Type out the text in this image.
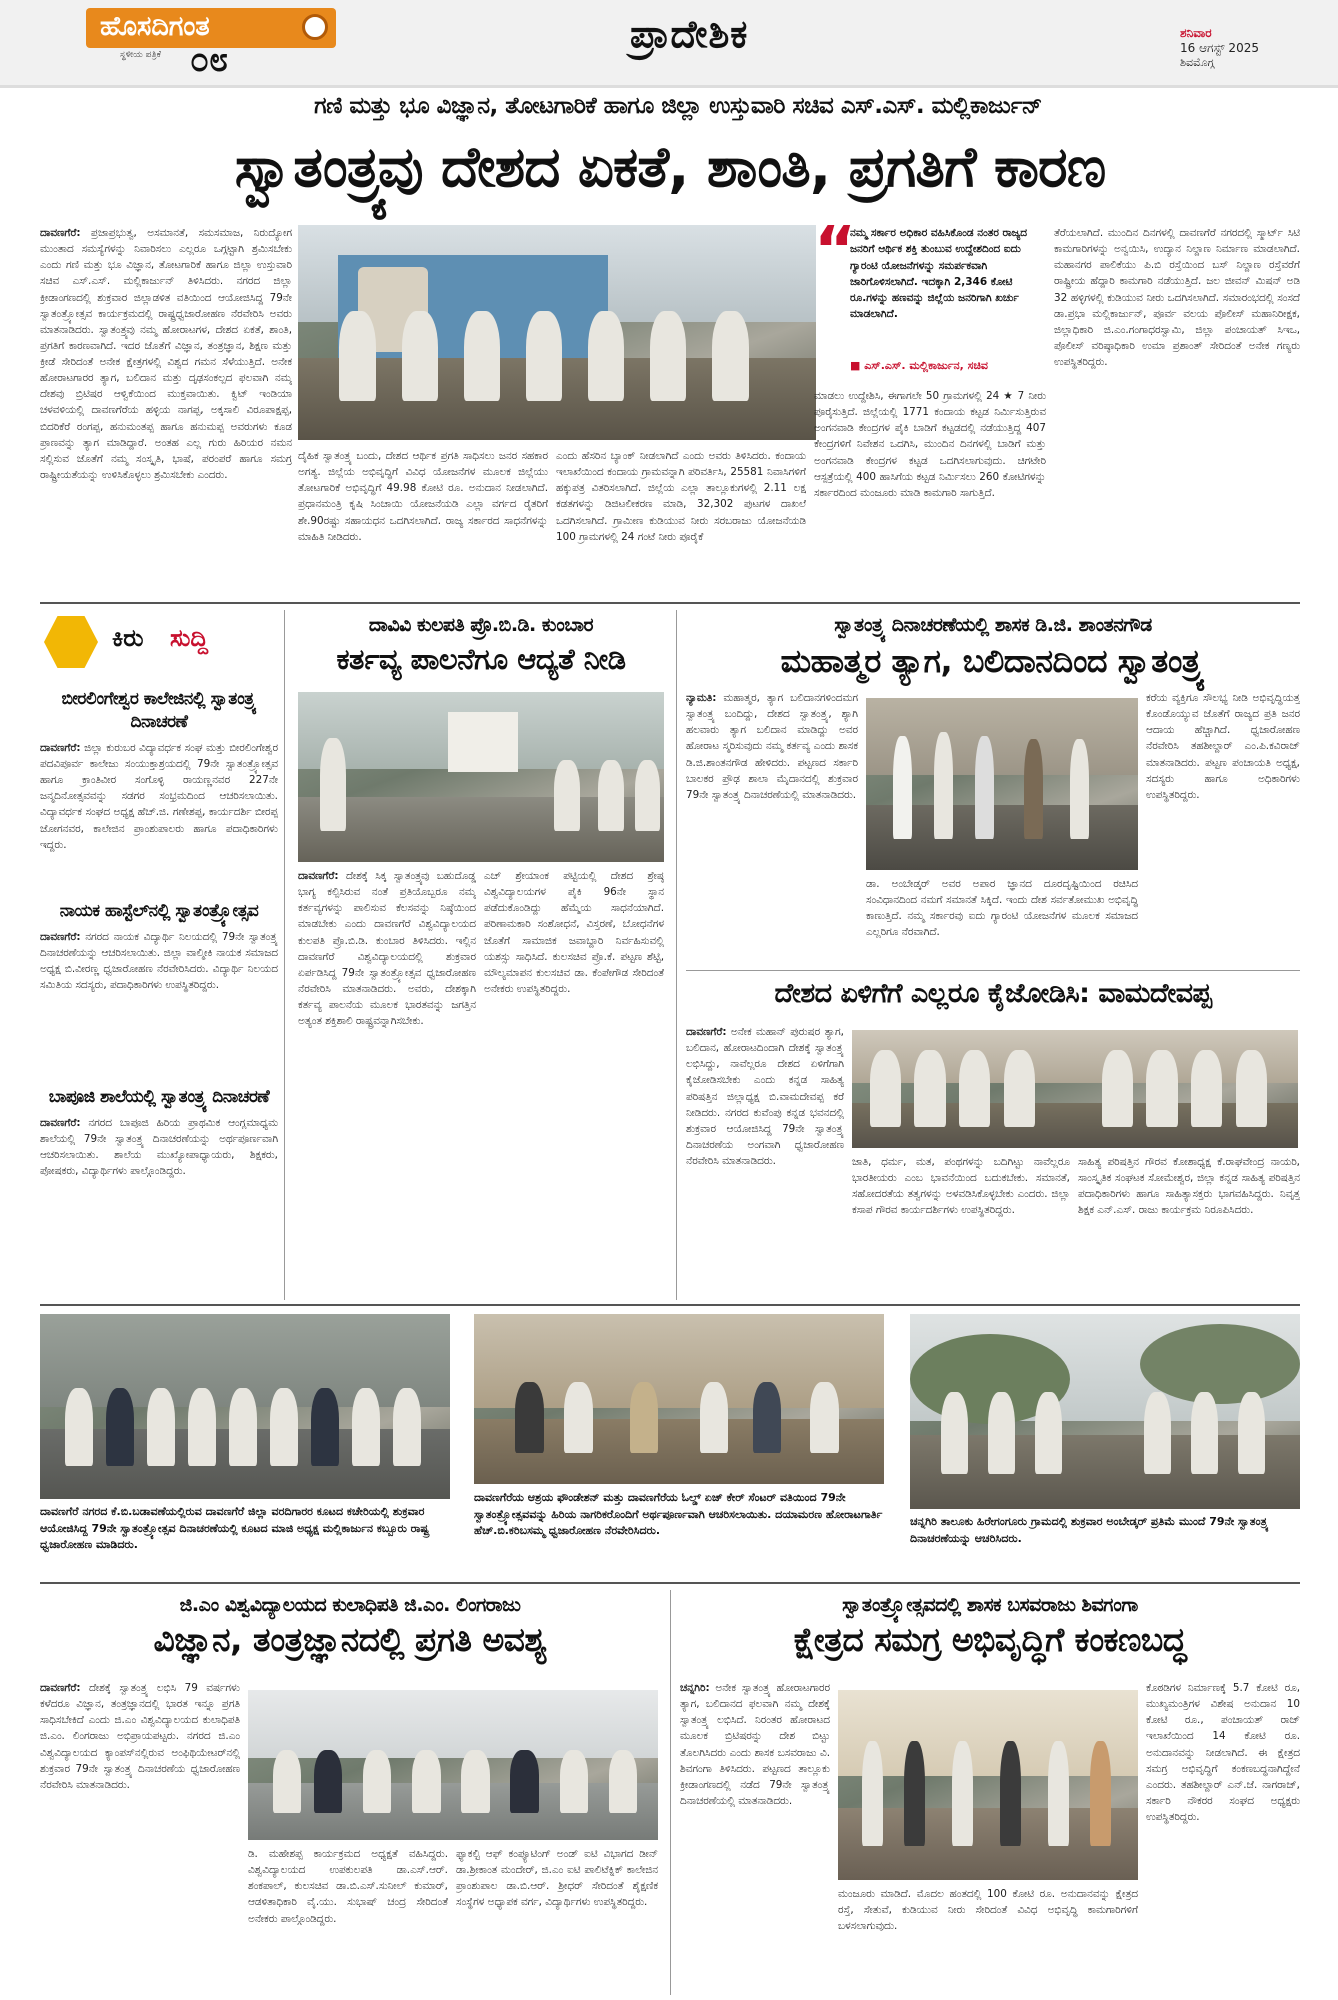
ಹೊಸದಿಗಂತ
ಸ್ಥಳೀಯ ಪತ್ರಿಕೆ ೦೮
ಪ್ರಾದೇಶಿಕ	ಶನಿವಾರ
16 ಆಗಸ್ಟ್ 2025
ಶಿವಮೊಗ್ಗ
ಗಣಿ ಮತ್ತು ಭೂ ವಿಜ್ಞಾನ, ತೋಟಗಾರಿಕೆ ಹಾಗೂ ಜಿಲ್ಲಾ ಉಸ್ತುವಾರಿ ಸಚಿವ ಎಸ್.ಎಸ್. ಮಲ್ಲಿಕಾರ್ಜುನ್
ಸ್ವಾತಂತ್ರ್ಯವು ದೇಶದ ಏಕತೆ, ಶಾಂತಿ, ಪ್ರಗತಿಗೆ ಕಾರಣ
ದಾವಣಗೆರೆ: ಪ್ರಜಾಪ್ರಭುತ್ವ, ಅಸಮಾನತೆ, ಸಮಸಮಾಜ, ನಿರುದ್ಯೋಗ ಮುಂತಾದ ಸಮಸ್ಯೆಗಳನ್ನು ನಿವಾರಿಸಲು ಎಲ್ಲರೂ ಒಗ್ಗಟ್ಟಾಗಿ ಶ್ರಮಿಸಬೇಕು ಎಂದು ಗಣಿ ಮತ್ತು ಭೂ ವಿಜ್ಞಾನ, ತೋಟಗಾರಿಕೆ ಹಾಗೂ ಜಿಲ್ಲಾ ಉಸ್ತುವಾರಿ ಸಚಿವ ಎಸ್.ಎಸ್. ಮಲ್ಲಿಕಾರ್ಜುನ್ ತಿಳಿಸಿದರು. ನಗರದ ಜಿಲ್ಲಾ ಕ್ರೀಡಾಂಗಣದಲ್ಲಿ ಶುಕ್ರವಾರ ಜಿಲ್ಲಾಡಳಿತ ವತಿಯಿಂದ ಆಯೋಜಿಸಿದ್ದ 79ನೇ ಸ್ವಾತಂತ್ರ್ಯೋತ್ಸವ ಕಾರ್ಯಕ್ರಮದಲ್ಲಿ ರಾಷ್ಟ್ರಧ್ವಜಾರೋಹಣ ನೆರವೇರಿಸಿ ಅವರು ಮಾತನಾಡಿದರು. ಸ್ವಾತಂತ್ರ್ಯವು ನಮ್ಮ ಹೋರಾಟಗಳ, ದೇಶದ ಏಕತೆ, ಶಾಂತಿ, ಪ್ರಗತಿಗೆ ಕಾರಣವಾಗಿದೆ. ಇದರ ಜೊತೆಗೆ ವಿಜ್ಞಾನ, ತಂತ್ರಜ್ಞಾನ, ಶಿಕ್ಷಣ ಮತ್ತು ಕ್ರೀಡೆ ಸೇರಿದಂತೆ ಅನೇಕ ಕ್ಷೇತ್ರಗಳಲ್ಲಿ ವಿಶ್ವದ ಗಮನ ಸೆಳೆಯುತ್ತಿದೆ. ಅನೇಕ ಹೋರಾಟಗಾರರ ತ್ಯಾಗ, ಬಲಿದಾನ ಮತ್ತು ದೃಢಸಂಕಲ್ಪದ ಫಲವಾಗಿ ನಮ್ಮ ದೇಶವು ಬ್ರಿಟಿಷರ ಆಳ್ವಿಕೆಯಿಂದ ಮುಕ್ತವಾಯಿತು. ಕ್ವಿಟ್ ಇಂಡಿಯಾ ಚಳವಳಿಯಲ್ಲಿ ದಾವಣಗೆರೆಯ ಹಳ್ಳಿಯ ನಾಗಪ್ಪ, ಅಕ್ಕಸಾಲಿ ವಿರೂಪಾಕ್ಷಪ್ಪ, ಬಿದರಿಕೆರೆ ರಂಗಪ್ಪ, ಹನುಮಂತಪ್ಪ ಹಾಗೂ ಹನುಮಪ್ಪ ಅವರುಗಳು ಕೂಡ ಪ್ರಾಣವನ್ನು ತ್ಯಾಗ ಮಾಡಿದ್ದಾರೆ. ಅಂತಹ ಎಲ್ಲ ಗುರು ಹಿರಿಯರ ನಮನ ಸಲ್ಲಿಸುವ ಜೊತೆಗೆ ನಮ್ಮ ಸಂಸ್ಕೃತಿ, ಭಾಷೆ, ಪರಂಪರೆ ಹಾಗೂ ಸಮಗ್ರ ರಾಷ್ಟ್ರೀಯತೆಯನ್ನು ಉಳಿಸಿಕೊಳ್ಳಲು ಶ್ರಮಿಸಬೇಕು ಎಂದರು.
ದೈಹಿಕ ಸ್ವಾತಂತ್ರ್ಯ ಬಂದು, ದೇಶದ ಆರ್ಥಿಕ ಪ್ರಗತಿ ಸಾಧಿಸಲು ಜನರ ಸಹಕಾರ ಅಗತ್ಯ. ಜಿಲ್ಲೆಯ ಅಭಿವೃದ್ಧಿಗೆ ವಿವಿಧ ಯೋಜನೆಗಳ ಮೂಲಕ ಜಿಲ್ಲೆಯು ತೋಟಗಾರಿಕೆ ಅಭಿವೃದ್ಧಿಗೆ 49.98 ಕೋಟಿ ರೂ. ಅನುದಾನ ನೀಡಲಾಗಿದೆ. ಪ್ರಧಾನಮಂತ್ರಿ ಕೃಷಿ ಸಿಂಚಾಯಿ ಯೋಜನೆಯಡಿ ಎಲ್ಲಾ ವರ್ಗದ ರೈತರಿಗೆ ಶೇ.90ರಷ್ಟು ಸಹಾಯಧನ ಒದಗಿಸಲಾಗಿದೆ. ರಾಜ್ಯ ಸರ್ಕಾರದ ಸಾಧನೆಗಳನ್ನು ಮಾಹಿತಿ ನೀಡಿದರು.
ಎಂದು ಹೆಸರಿನ ಬ್ಯಾಂಕ್ ನೀಡಲಾಗಿದೆ ಎಂದು ಅವರು ತಿಳಿಸಿದರು. ಕಂದಾಯ ಇಲಾಖೆಯಿಂದ ಕಂದಾಯ ಗ್ರಾಮವನ್ನಾಗಿ ಪರಿವರ್ತಿಸಿ, 25581 ನಿವಾಸಿಗಳಿಗೆ ಹಕ್ಕುಪತ್ರ ವಿತರಿಸಲಾಗಿದೆ. ಜಿಲ್ಲೆಯ ಎಲ್ಲಾ ತಾಲ್ಲೂಕುಗಳಲ್ಲಿ 2.11 ಲಕ್ಷ ಕಡತಗಳನ್ನು ಡಿಜಿಟಲೀಕರಣ ಮಾಡಿ, 32,302 ಪುಟಗಳ ದಾಖಲೆ ಒದಗಿಸಲಾಗಿದೆ. ಗ್ರಾಮೀಣ ಕುಡಿಯುವ ನೀರು ಸರಬರಾಜು ಯೋಜನೆಯಡಿ 100 ಗ್ರಾಮಗಳಲ್ಲಿ 24 ಗಂಟೆ ನೀರು ಪೂರೈಕೆ
“
ನಮ್ಮ ಸರ್ಕಾರ ಅಧಿಕಾರ ವಹಿಸಿಕೊಂಡ ನಂತರ ರಾಜ್ಯದ ಜನರಿಗೆ ಆರ್ಥಿಕ ಶಕ್ತಿ ತುಂಬುವ ಉದ್ದೇಶದಿಂದ ಐದು ಗ್ಯಾರಂಟಿ ಯೋಜನೆಗಳನ್ನು ಸಮರ್ಪಕವಾಗಿ ಜಾರಿಗೊಳಿಸಲಾಗಿದೆ. ಇದಕ್ಕಾಗಿ 2,346 ಕೋಟಿ ರೂ.ಗಳನ್ನು ಹಣವನ್ನು ಜಿಲ್ಲೆಯ ಜನರಿಗಾಗಿ ಖರ್ಚು ಮಾಡಲಾಗಿದೆ.
■ ಎಸ್.ಎಸ್. ಮಲ್ಲಿಕಾರ್ಜುನ, ಸಚಿವ
ಮಾಡಲು ಉದ್ದೇಶಿಸಿ, ಈಗಾಗಲೇ 50 ಗ್ರಾಮಗಳಲ್ಲಿ 24 ★ 7 ನೀರು ಪೂರೈಸುತ್ತಿದೆ. ಜಿಲ್ಲೆಯಲ್ಲಿ 1771 ಕಂದಾಯ ಕಟ್ಟಡ ನಿರ್ಮಿಸುತ್ತಿರುವ ಅಂಗನವಾಡಿ ಕೇಂದ್ರಗಳ ಪೈಕಿ ಬಾಡಿಗೆ ಕಟ್ಟಡದಲ್ಲಿ ನಡೆಯುತ್ತಿದ್ದ 407 ಕೇಂದ್ರಗಳಿಗೆ ನಿವೇಶನ ಒದಗಿಸಿ, ಮುಂದಿನ ದಿನಗಳಲ್ಲಿ ಬಾಡಿಗೆ ಮತ್ತು ಅಂಗನವಾಡಿ ಕೇಂದ್ರಗಳ ಕಟ್ಟಡ ಒದಗಿಸಲಾಗುವುದು. ಚಿಗಟೇರಿ ಆಸ್ಪತ್ರೆಯಲ್ಲಿ 400 ಹಾಸಿಗೆಯ ಕಟ್ಟಡ ನಿರ್ಮಿಸಲು 260 ಕೋಟಿಗಳನ್ನು ಸರ್ಕಾರದಿಂದ ಮಂಜೂರು ಮಾಡಿ ಕಾಮಗಾರಿ ಸಾಗುತ್ತಿದೆ.
ತೆರೆಯಲಾಗಿದೆ. ಮುಂದಿನ ದಿನಗಳಲ್ಲಿ ದಾವಣಗೆರೆ ನಗರದಲ್ಲಿ ಸ್ಮಾರ್ಟ್ ಸಿಟಿ ಕಾಮಗಾರಿಗಳನ್ನು ಅನ್ವಯಿಸಿ, ಉದ್ಯಾನ ನಿಲ್ದಾಣ ನಿರ್ಮಾಣ ಮಾಡಲಾಗಿದೆ. ಮಹಾನಗರ ಪಾಲಿಕೆಯು ಪಿ.ಬಿ ರಸ್ತೆಯಿಂದ ಬಸ್ ನಿಲ್ದಾಣ ರಸ್ತೆವರೆಗೆ ರಾಷ್ಟ್ರೀಯ ಹೆದ್ದಾರಿ ಕಾಮಗಾರಿ ನಡೆಯುತ್ತಿದೆ. ಜಲ ಜೀವನ್ ಮಿಷನ್ ಅಡಿ 32 ಹಳ್ಳಿಗಳಲ್ಲಿ ಕುಡಿಯುವ ನೀರು ಒದಗಿಸಲಾಗಿದೆ. ಸಮಾರಂಭದಲ್ಲಿ ಸಂಸದೆ ಡಾ.ಪ್ರಭಾ ಮಲ್ಲಿಕಾರ್ಜುನ್, ಪೂರ್ವ ವಲಯ ಪೊಲೀಸ್ ಮಹಾನಿರೀಕ್ಷಕ, ಜಿಲ್ಲಾಧಿಕಾರಿ ಜಿ.ಎಂ.ಗಂಗಾಧರಸ್ವಾಮಿ, ಜಿಲ್ಲಾ ಪಂಚಾಯತ್ ಸಿಇಒ, ಪೊಲೀಸ್ ವರಿಷ್ಠಾಧಿಕಾರಿ ಉಮಾ ಪ್ರಶಾಂತ್ ಸೇರಿದಂತೆ ಅನೇಕ ಗಣ್ಯರು ಉಪಸ್ಥಿತರಿದ್ದರು.
ಕಿರು ಸುದ್ದಿ
ಬೀರಲಿಂಗೇಶ್ವರ ಕಾಲೇಜಿನಲ್ಲಿ ಸ್ವಾತಂತ್ರ್ಯ ದಿನಾಚರಣೆ
ದಾವಣಗೆರೆ: ಜಿಲ್ಲಾ ಕುರುಬರ ವಿದ್ಯಾವರ್ಧಕ ಸಂಘ ಮತ್ತು ಬೀರಲಿಂಗೇಶ್ವರ ಪದವಿಪೂರ್ವ ಕಾಲೇಜು ಸಂಯುಕ್ತಾಶ್ರಯದಲ್ಲಿ 79ನೇ ಸ್ವಾತಂತ್ರ್ಯೋತ್ಸವ ಹಾಗೂ ಕ್ರಾಂತಿವೀರ ಸಂಗೊಳ್ಳಿ ರಾಯಣ್ಣನವರ 227ನೇ ಜನ್ಮದಿನೋತ್ಸವವನ್ನು ಸಡಗರ ಸಂಭ್ರಮದಿಂದ ಆಚರಿಸಲಾಯಿತು. ವಿದ್ಯಾವರ್ಧಕ ಸಂಘದ ಅಧ್ಯಕ್ಷ ಹೆಚ್.ಜಿ. ಗಣೇಶಪ್ಪ, ಕಾರ್ಯದರ್ಶಿ ಬೀರಪ್ಪ ಜೋಗನವರ, ಕಾಲೇಜಿನ ಪ್ರಾಂಶುಪಾಲರು ಹಾಗೂ ಪದಾಧಿಕಾರಿಗಳು ಇದ್ದರು.
ನಾಯಕ ಹಾಸ್ಟೆಲ್‌ನಲ್ಲಿ ಸ್ವಾತಂತ್ರ್ಯೋತ್ಸವ
ದಾವಣಗೆರೆ: ನಗರದ ನಾಯಕ ವಿದ್ಯಾರ್ಥಿ ನಿಲಯದಲ್ಲಿ 79ನೇ ಸ್ವಾತಂತ್ರ್ಯ ದಿನಾಚರಣೆಯನ್ನು ಆಚರಿಸಲಾಯಿತು. ಜಿಲ್ಲಾ ವಾಲ್ಮೀಕಿ ನಾಯಕ ಸಮಾಜದ ಅಧ್ಯಕ್ಷ ಬಿ.ವೀರಣ್ಣ ಧ್ವಜಾರೋಹಣ ನೆರವೇರಿಸಿದರು. ವಿದ್ಯಾರ್ಥಿ ನಿಲಯದ ಸಮಿತಿಯ ಸದಸ್ಯರು, ಪದಾಧಿಕಾರಿಗಳು ಉಪಸ್ಥಿತರಿದ್ದರು.
ಬಾಪೂಜಿ ಶಾಲೆಯಲ್ಲಿ ಸ್ವಾತಂತ್ರ್ಯ ದಿನಾಚರಣೆ
ದಾವಣಗೆರೆ: ನಗರದ ಬಾಪೂಜಿ ಹಿರಿಯ ಪ್ರಾಥಮಿಕ ಆಂಗ್ಲಮಾಧ್ಯಮ ಶಾಲೆಯಲ್ಲಿ 79ನೇ ಸ್ವಾತಂತ್ರ್ಯ ದಿನಾಚರಣೆಯನ್ನು ಅರ್ಥಪೂರ್ಣವಾಗಿ ಆಚರಿಸಲಾಯಿತು. ಶಾಲೆಯ ಮುಖ್ಯೋಪಾಧ್ಯಾಯರು, ಶಿಕ್ಷಕರು, ಪೋಷಕರು, ವಿದ್ಯಾರ್ಥಿಗಳು ಪಾಲ್ಗೊಂಡಿದ್ದರು.
ದಾವಿವಿ ಕುಲಪತಿ ಪ್ರೊ.ಬಿ.ಡಿ. ಕುಂಬಾರ
ಕರ್ತವ್ಯ ಪಾಲನೆಗೂ ಆದ್ಯತೆ ನೀಡಿ
ದಾವಣಗೆರೆ: ದೇಶಕ್ಕೆ ಸಿಕ್ಕ ಸ್ವಾತಂತ್ರ್ಯವು ಬಹುದೊಡ್ಡ ಭಾಗ್ಯ ಕಲ್ಪಿಸಿರುವ ನಂತೆ ಪ್ರತಿಯೊಬ್ಬರೂ ನಮ್ಮ ಕರ್ತವ್ಯಗಳನ್ನು ಪಾಲಿಸುವ ಕೆಲಸವನ್ನು ನಿಷ್ಠೆಯಿಂದ ಮಾಡಬೇಕು ಎಂದು ದಾವಣಗೆರೆ ವಿಶ್ವವಿದ್ಯಾಲಯದ ಕುಲಪತಿ ಪ್ರೊ.ಬಿ.ಡಿ. ಕುಂಬಾರ ತಿಳಿಸಿದರು. ಇಲ್ಲಿನ ದಾವಣಗೆರೆ ವಿಶ್ವವಿದ್ಯಾಲಯದಲ್ಲಿ ಶುಕ್ರವಾರ ಏರ್ಪಡಿಸಿದ್ದ 79ನೇ ಸ್ವಾತಂತ್ರ್ಯೋತ್ಸವ ಧ್ವಜಾರೋಹಣ ನೆರವೇರಿಸಿ ಮಾತನಾಡಿದರು. ಅವರು, ದೇಶಕ್ಕಾಗಿ ಕರ್ತವ್ಯ ಪಾಲನೆಯ ಮೂಲಕ ಭಾರತವನ್ನು ಜಗತ್ತಿನ ಅತ್ಯಂತ ಶಕ್ತಿಶಾಲಿ ರಾಷ್ಟ್ರವನ್ನಾಗಿಸಬೇಕು.
ಎಚ್ ಶ್ರೇಯಾಂಕ ಪಟ್ಟಿಯಲ್ಲಿ ದೇಶದ ಶ್ರೇಷ್ಠ ವಿಶ್ವವಿದ್ಯಾಲಯಗಳ ಪೈಕಿ 96ನೇ ಸ್ಥಾನ ಪಡೆದುಕೊಂಡಿದ್ದು ಹೆಮ್ಮೆಯ ಸಾಧನೆಯಾಗಿದೆ. ಪರಿಣಾಮಕಾರಿ ಸಂಶೋಧನೆ, ವಿಸ್ತರಣೆ, ಬೋಧನೆಗಳ ಜೊತೆಗೆ ಸಾಮಾಜಿಕ ಜವಾಬ್ದಾರಿ ನಿರ್ವಹಿಸುವಲ್ಲಿ ಯಶಸ್ಸು ಸಾಧಿಸಿದೆ. ಕುಲಸಚಿವ ಪ್ರೊ.ಕೆ. ಪಟ್ಟಣ ಶೆಟ್ಟಿ, ಮೌಲ್ಯಮಾಪನ ಕುಲಸಚಿವ ಡಾ. ಕೆಂಪೇಗೌಡ ಸೇರಿದಂತೆ ಅನೇಕರು ಉಪಸ್ಥಿತರಿದ್ದರು.
ಸ್ವಾತಂತ್ರ್ಯ ದಿನಾಚರಣೆಯಲ್ಲಿ ಶಾಸಕ ಡಿ.ಜಿ. ಶಾಂತನಗೌಡ
ಮಹಾತ್ಮರ ತ್ಯಾಗ, ಬಲಿದಾನದಿಂದ ಸ್ವಾತಂತ್ರ್ಯ
ನ್ಯಾಮತಿ: ಮಹಾತ್ಮರ, ತ್ಯಾಗ ಬಲಿದಾನಗಳಿಂದಮಗ ಸ್ವಾತಂತ್ರ್ಯ ಬಂದಿದ್ದು, ದೇಶದ ಸ್ವಾತಂತ್ರ್ಯ, ಶ್ಯಾಗಿ ಹಲವಾರು ತ್ಯಾಗ ಬಲಿದಾನ ಮಾಡಿದ್ದು ಅವರ ಹೋರಾಟ ಸ್ಮರಿಸುವುದು ನಮ್ಮ ಕರ್ತವ್ಯ ಎಂದು ಶಾಸಕ ಡಿ.ಜಿ.ಶಾಂತನಗೌಡ ಹೇಳಿದರು. ಪಟ್ಟಣದ ಸರ್ಕಾರಿ ಬಾಲಕರ ಪ್ರೌಢ ಶಾಲಾ ಮೈದಾನದಲ್ಲಿ ಶುಕ್ರವಾರ 79ನೇ ಸ್ವಾತಂತ್ರ್ಯ ದಿನಾಚರಣೆಯಲ್ಲಿ ಮಾತನಾಡಿದರು.
ಡಾ. ಅಂಬೇಡ್ಕರ್ ಅವರ ಅಪಾರ ಜ್ಞಾನದ ದೂರದೃಷ್ಟಿಯಿಂದ ರಚಿಸಿದ ಸಂವಿಧಾನದಿಂದ ನಮಗೆ ಸಮಾನತೆ ಸಿಕ್ಕಿದೆ. ಇಂದು ದೇಶ ಸರ್ವತೋಮುಖ ಅಭಿವೃದ್ಧಿ ಕಾಣುತ್ತಿದೆ. ನಮ್ಮ ಸರ್ಕಾರವು ಐದು ಗ್ಯಾರಂಟಿ ಯೋಜನೆಗಳ ಮೂಲಕ ಸಮಾಜದ ಎಲ್ಲರಿಗೂ ನೆರವಾಗಿದೆ.
ಕರೆಯ ವ್ಯಕ್ತಿಗೂ ಸೌಲಭ್ಯ ನೀಡಿ ಅಭಿವೃದ್ಧಿಯತ್ತ ಕೊಂಡೊಯ್ಯುವ ಜೊತೆಗೆ ರಾಜ್ಯದ ಪ್ರತಿ ಜನರ ಆದಾಯ ಹೆಚ್ಚಾಗಿದೆ. ಧ್ವಜಾರೋಹಣ ನೆರವೇರಿಸಿ ತಹಶೀಲ್ದಾರ್ ಎಂ.ಪಿ.ಕವಿರಾಜ್ ಮಾತನಾಡಿದರು. ಪಟ್ಟಣ ಪಂಚಾಯತಿ ಅಧ್ಯಕ್ಷ, ಸದಸ್ಯರು ಹಾಗೂ ಅಧಿಕಾರಿಗಳು ಉಪಸ್ಥಿತರಿದ್ದರು.
ದೇಶದ ಏಳಿಗೆಗೆ ಎಲ್ಲರೂ ಕೈಜೋಡಿಸಿ: ವಾಮದೇವಪ್ಪ
ದಾವಣಗೆರೆ: ಅನೇಕ ಮಹಾನ್ ಪುರುಷರ ತ್ಯಾಗ, ಬಲಿದಾನ, ಹೋರಾಟದಿಂದಾಗಿ ದೇಶಕ್ಕೆ ಸ್ವಾತಂತ್ರ್ಯ ಲಭಿಸಿದ್ದು, ನಾವೆಲ್ಲರೂ ದೇಶದ ಏಳಿಗೆಗಾಗಿ ಕೈಜೋಡಿಸಬೇಕು ಎಂದು ಕನ್ನಡ ಸಾಹಿತ್ಯ ಪರಿಷತ್ತಿನ ಜಿಲ್ಲಾಧ್ಯಕ್ಷ ಬಿ.ವಾಮದೇವಪ್ಪ ಕರೆ ನೀಡಿದರು. ನಗರದ ಕುವೆಂಪು ಕನ್ನಡ ಭವನದಲ್ಲಿ ಶುಕ್ರವಾರ ಆಯೋಜಿಸಿದ್ದ 79ನೇ ಸ್ವಾತಂತ್ರ್ಯ ದಿನಾಚರಣೆಯ ಅಂಗವಾಗಿ ಧ್ವಜಾರೋಹಣ ನೆರವೇರಿಸಿ ಮಾತನಾಡಿದರು.	ಜಾತಿ, ಧರ್ಮ, ಮತ, ಪಂಥಗಳನ್ನು ಬದಿಗಿಟ್ಟು ನಾವೆಲ್ಲರೂ ಭಾರತೀಯರು ಎಂಬ ಭಾವನೆಯಿಂದ ಬದುಕಬೇಕು. ಸಮಾನತೆ, ಸಹೋದರತೆಯ ತತ್ವಗಳನ್ನು ಅಳವಡಿಸಿಕೊಳ್ಳಬೇಕು ಎಂದರು. ಜಿಲ್ಲಾ ಕಸಾಪ ಗೌರವ ಕಾರ್ಯದರ್ಶಿಗಳು ಉಪಸ್ಥಿತರಿದ್ದರು.
ಸಾಹಿತ್ಯ ಪರಿಷತ್ತಿನ ಗೌರವ ಕೋಶಾಧ್ಯಕ್ಷ ಕೆ.ರಾಘವೇಂದ್ರ ನಾಯರಿ, ಸಾಂಸ್ಕೃತಿಕ ಸಂಘಟಕ ಸೋಮೇಶ್ವರ, ಜಿಲ್ಲಾ ಕನ್ನಡ ಸಾಹಿತ್ಯ ಪರಿಷತ್ತಿನ ಪದಾಧಿಕಾರಿಗಳು ಹಾಗೂ ಸಾಹಿತ್ಯಾಸಕ್ತರು ಭಾಗವಹಿಸಿದ್ದರು. ನಿವೃತ್ತ ಶಿಕ್ಷಕ ಎನ್.ಎಸ್. ರಾಜು ಕಾರ್ಯಕ್ರಮ ನಿರೂಪಿಸಿದರು.
ದಾವಣಗೆರೆ ನಗರದ ಕೆ.ಬಿ.ಬಡಾವಣೆಯಲ್ಲಿರುವ ದಾವಣಗೆರೆ ಜಿಲ್ಲಾ ವರದಿಗಾರರ ಕೂಟದ ಕಚೇರಿಯಲ್ಲಿ ಶುಕ್ರವಾರ ಆಯೋಜಿಸಿದ್ದ 79ನೇ ಸ್ವಾತಂತ್ರ್ಯೋತ್ಸವ ದಿನಾಚರಣೆಯಲ್ಲಿ ಕೂಟದ ಮಾಜಿ ಅಧ್ಯಕ್ಷ ಮಲ್ಲಿಕಾರ್ಜುನ ಕಬ್ಬೂರು ರಾಷ್ಟ್ರ ಧ್ವಜಾರೋಹಣ ಮಾಡಿದರು.
ದಾವಣಗೆರೆಯ ಆಶ್ರಯ ಫೌಂಡೇಶನ್ ಮತ್ತು ದಾವಣಗೆರೆಯ ಓಲ್ಡ್ ಏಜ್ ಕೇರ್ ಸೆಂಟರ್ ವತಿಯಿಂದ 79ನೇ ಸ್ವಾತಂತ್ರ್ಯೋತ್ಸವವನ್ನು ಹಿರಿಯ ನಾಗರಿಕರೊಂದಿಗೆ ಅರ್ಥಪೂರ್ಣವಾಗಿ ಆಚರಿಸಲಾಯಿತು. ದಯಾಮರಣ ಹೋರಾಟಗಾರ್ತಿ ಹೆಚ್.ಬಿ.ಕರಿಬಸಮ್ಮ ಧ್ವಜಾರೋಹಣ ನೆರವೇರಿಸಿದರು.
ಚನ್ನಗಿರಿ ತಾಲೂಕು ಹಿರೇಗಂಗೂರು ಗ್ರಾಮದಲ್ಲಿ ಶುಕ್ರವಾರ ಅಂಬೇಡ್ಕರ್ ಪ್ರತಿಮೆ ಮುಂದೆ 79ನೇ ಸ್ವಾತಂತ್ರ್ಯ ದಿನಾಚರಣೆಯನ್ನು ಆಚರಿಸಿದರು.
ಜಿ.ಎಂ ವಿಶ್ವವಿದ್ಯಾಲಯದ ಕುಲಾಧಿಪತಿ ಜಿ.ಎಂ. ಲಿಂಗರಾಜು
ವಿಜ್ಞಾನ, ತಂತ್ರಜ್ಞಾನದಲ್ಲಿ ಪ್ರಗತಿ ಅವಶ್ಯ
ದಾವಣಗೆರೆ: ದೇಶಕ್ಕೆ ಸ್ವಾತಂತ್ರ್ಯ ಲಭಿಸಿ 79 ವರ್ಷಗಳು ಕಳೆದರೂ ವಿಜ್ಞಾನ, ತಂತ್ರಜ್ಞಾನದಲ್ಲಿ ಭಾರತ ಇನ್ನೂ ಪ್ರಗತಿ ಸಾಧಿಸಬೇಕಿದೆ ಎಂದು ಜಿ.ಎಂ ವಿಶ್ವವಿದ್ಯಾಲಯದ ಕುಲಾಧಿಪತಿ ಜಿ.ಎಂ. ಲಿಂಗರಾಜು ಅಭಿಪ್ರಾಯಪಟ್ಟರು. ನಗರದ ಜಿ.ಎಂ ವಿಶ್ವವಿದ್ಯಾಲಯದ ಕ್ಯಾಂಪಸ್‌ನಲ್ಲಿರುವ ಅಂಫಿಥಿಯೇಟರ್‌ನಲ್ಲಿ ಶುಕ್ರವಾರ 79ನೇ ಸ್ವಾತಂತ್ರ್ಯ ದಿನಾಚರಣೆಯ ಧ್ವಜಾರೋಹಣ ನೆರವೇರಿಸಿ ಮಾತನಾಡಿದರು.
ಡಿ. ಮಹೇಶಪ್ಪ ಕಾರ್ಯಕ್ರಮದ ಅಧ್ಯಕ್ಷತೆ ವಹಿಸಿದ್ದರು. ವಿಶ್ವವಿದ್ಯಾಲಯದ ಉಪಕುಲಪತಿ ಡಾ.ಎಸ್.ಆರ್. ಶಂಕಪಾಲ್, ಕುಲಸಚಿವ ಡಾ.ಬಿ.ಎಸ್.ಸುನೀಲ್ ಕುಮಾರ್, ಆಡಳಿತಾಧಿಕಾರಿ ವೈ.ಯು. ಸುಭಾಷ್ ಚಂದ್ರ ಸೇರಿದಂತೆ ಅನೇಕರು ಪಾಲ್ಗೊಂಡಿದ್ದರು.
ಫ್ಯಾಕಲ್ಟಿ ಆಫ್ ಕಂಪ್ಯೂಟಿಂಗ್ ಅಂಡ್ ಐಟಿ ವಿಭಾಗದ ಡೀನ್ ಡಾ.ಶ್ರೀಕಾಂತ ಮಂದೇರ್, ಜಿ.ಎಂ ಐಟಿ ಪಾಲಿಟೆಕ್ನಿಕ್ ಕಾಲೇಜಿನ ಪ್ರಾಂಶುಪಾಲ ಡಾ.ಬಿ.ಆರ್. ಶ್ರೀಧರ್ ಸೇರಿದಂತೆ ಶೈಕ್ಷಣಿಕ ಸಂಸ್ಥೆಗಳ ಅಧ್ಯಾಪಕ ವರ್ಗ, ವಿದ್ಯಾರ್ಥಿಗಳು ಉಪಸ್ಥಿತರಿದ್ದರು.
ಸ್ವಾತಂತ್ರ್ಯೋತ್ಸವದಲ್ಲಿ ಶಾಸಕ ಬಸವರಾಜು ಶಿವಗಂಗಾ
ಕ್ಷೇತ್ರದ ಸಮಗ್ರ ಅಭಿವೃದ್ಧಿಗೆ ಕಂಕಣಬದ್ಧ
ಚನ್ನಗಿರಿ: ಅನೇಕ ಸ್ವಾತಂತ್ರ್ಯ ಹೋರಾಟಗಾರರ ತ್ಯಾಗ, ಬಲಿದಾನದ ಫಲವಾಗಿ ನಮ್ಮ ದೇಶಕ್ಕೆ ಸ್ವಾತಂತ್ರ್ಯ ಲಭಿಸಿದೆ. ನಿರಂತರ ಹೋರಾಟದ ಮೂಲಕ ಬ್ರಿಟಿಷರನ್ನು ದೇಶ ಬಿಟ್ಟು ತೊಲಗಿಸಿದರು ಎಂದು ಶಾಸಕ ಬಸವರಾಜು ವಿ. ಶಿವಗಂಗಾ ತಿಳಿಸಿದರು. ಪಟ್ಟಣದ ತಾಲ್ಲೂಕು ಕ್ರೀಡಾಂಗಣದಲ್ಲಿ ನಡೆದ 79ನೇ ಸ್ವಾತಂತ್ರ್ಯ ದಿನಾಚರಣೆಯಲ್ಲಿ ಮಾತನಾಡಿದರು.
ಮಂಜೂರು ಮಾಡಿದೆ. ಮೊದಲ ಹಂತದಲ್ಲಿ 100 ಕೋಟಿ ರೂ. ಅನುದಾನವನ್ನು ಕ್ಷೇತ್ರದ ರಸ್ತೆ, ಸೇತುವೆ, ಕುಡಿಯುವ ನೀರು ಸೇರಿದಂತೆ ವಿವಿಧ ಅಭಿವೃದ್ಧಿ ಕಾಮಗಾರಿಗಳಿಗೆ ಬಳಸಲಾಗುವುದು.
ಕೊಠಡಿಗಳ ನಿರ್ಮಾಣಕ್ಕೆ 5.7 ಕೋಟಿ ರೂ, ಮುಖ್ಯಮಂತ್ರಿಗಳ ವಿಶೇಷ ಅನುದಾನ 10 ಕೋಟಿ ರೂ., ಪಂಚಾಯತ್ ರಾಜ್ ಇಲಾಖೆಯಿಂದ 14 ಕೋಟಿ ರೂ. ಅನುದಾನವನ್ನು ನೀಡಲಾಗಿದೆ. ಈ ಕ್ಷೇತ್ರದ ಸಮಗ್ರ ಅಭಿವೃದ್ಧಿಗೆ ಕಂಕಣಬದ್ಧನಾಗಿದ್ದೇನೆ ಎಂದರು. ತಹಶೀಲ್ದಾರ್ ಎನ್.ಜೆ. ನಾಗರಾಜ್, ಸರ್ಕಾರಿ ನೌಕರರ ಸಂಘದ ಅಧ್ಯಕ್ಷರು ಉಪಸ್ಥಿತರಿದ್ದರು.
